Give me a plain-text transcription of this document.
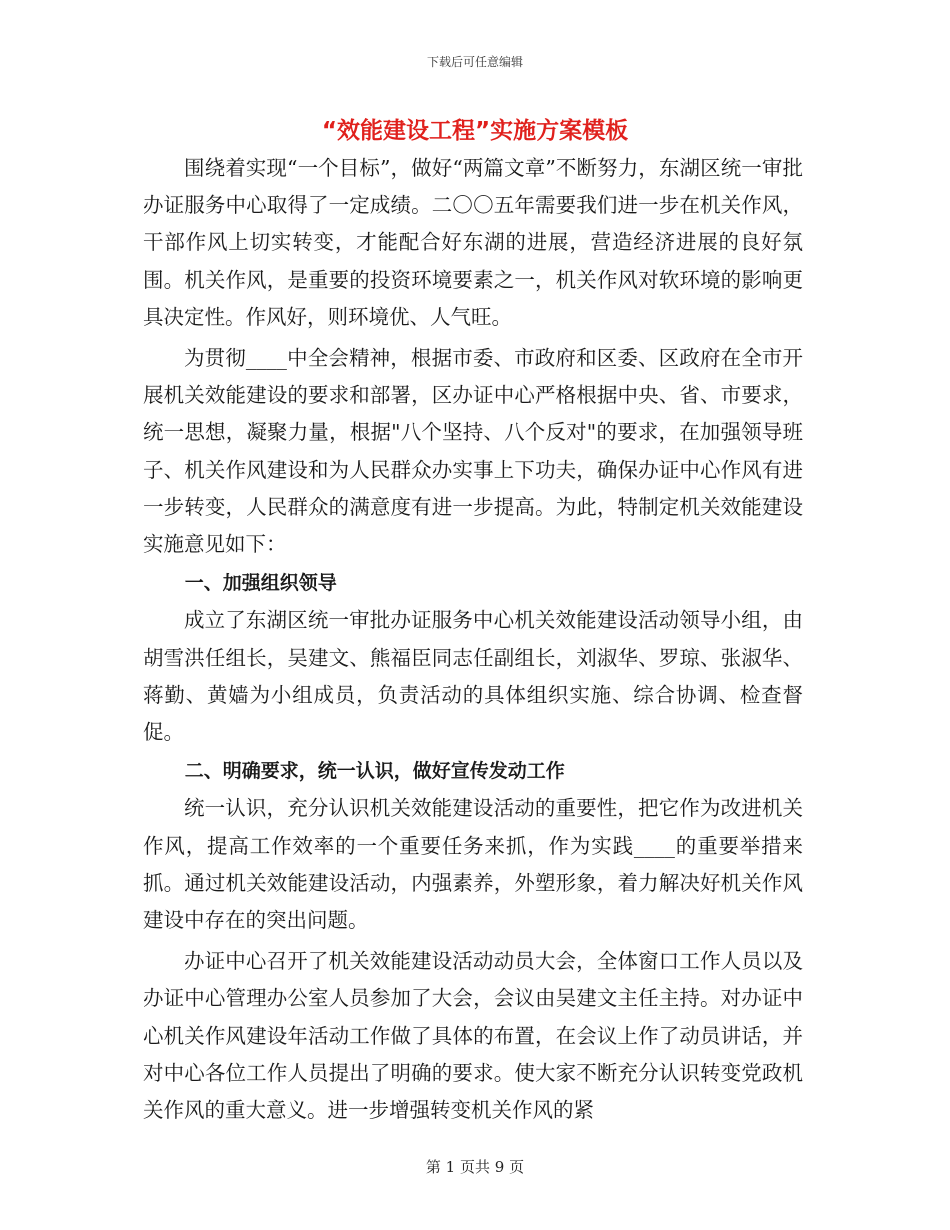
下载后可任意编辑
“效能建设工程”实施方案模板

围绕着实现“一个目标”，做好“两篇文章”不断努力，东湖区统一审批办证服务中心取得了一定成绩。二〇〇五年需要我们进一步在机关作风，干部作风上切实转变，才能配合好东湖的进展，营造经济进展的良好氛围。机关作风，是重要的投资环境要素之一，机关作风对软环境的影响更具决定性。作风好，则环境优、人气旺。

为贯彻____中全会精神，根据市委、市政府和区委、区政府在全市开展机关效能建设的要求和部署，区办证中心严格根据中央、省、市要求，统一思想，凝聚力量，根据"八个坚持、八个反对"的要求，在加强领导班子、机关作风建设和为人民群众办实事上下功夫，确保办证中心作风有进一步转变，人民群众的满意度有进一步提高。为此，特制定机关效能建设实施意见如下：

一、加强组织领导

成立了东湖区统一审批办证服务中心机关效能建设活动领导小组，由胡雪洪任组长，吴建文、熊福臣同志任副组长，刘淑华、罗琼、张淑华、蒋勤、黄嫱为小组成员，负责活动的具体组织实施、综合协调、检查督促。

二、明确要求，统一认识，做好宣传发动工作

统一认识，充分认识机关效能建设活动的重要性，把它作为改进机关作风，提高工作效率的一个重要任务来抓，作为实践____的重要举措来抓。通过机关效能建设活动，内强素养，外塑形象，着力解决好机关作风建设中存在的突出问题。

办证中心召开了机关效能建设活动动员大会，全体窗口工作人员以及办证中心管理办公室人员参加了大会，会议由吴建文主任主持。对办证中心机关作风建设年活动工作做了具体的布置，在会议上作了动员讲话，并对中心各位工作人员提出了明确的要求。使大家不断充分认识转变党政机关作风的重大意义。进一步增强转变机关作风的紧

第 1 页共 9 页
